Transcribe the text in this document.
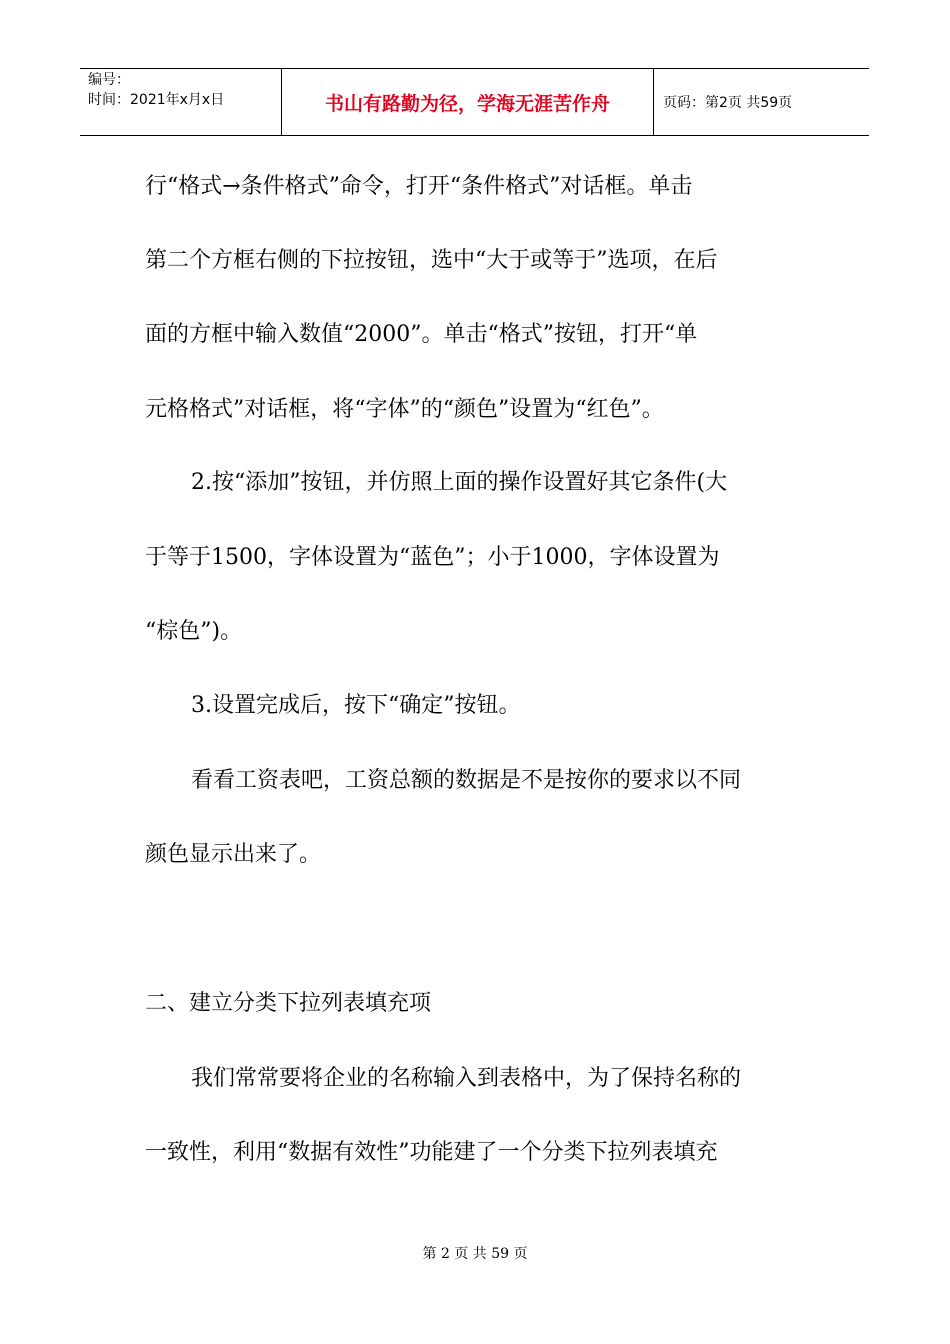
编号：
时间：2021年x月x日	书山有路勤为径，学海无涯苦作舟	页码：第2页 共59页
行“格式→条件格式”命令，打开“条件格式”对话框。单击
第二个方框右侧的下拉按钮，选中“大于或等于”选项，在后
面的方框中输入数值“2000”。单击“格式”按钮，打开“单
元格格式”对话框，将“字体”的“颜色”设置为“红色”。
2.按“添加”按钮，并仿照上面的操作设置好其它条件(大
于等于1500，字体设置为“蓝色”；小于1000，字体设置为
“棕色”)。
3.设置完成后，按下“确定”按钮。
看看工资表吧，工资总额的数据是不是按你的要求以不同
颜色显示出来了。
二、建立分类下拉列表填充项
我们常常要将企业的名称输入到表格中，为了保持名称的
一致性，利用“数据有效性”功能建了一个分类下拉列表填充
第 2 页 共 59 页
